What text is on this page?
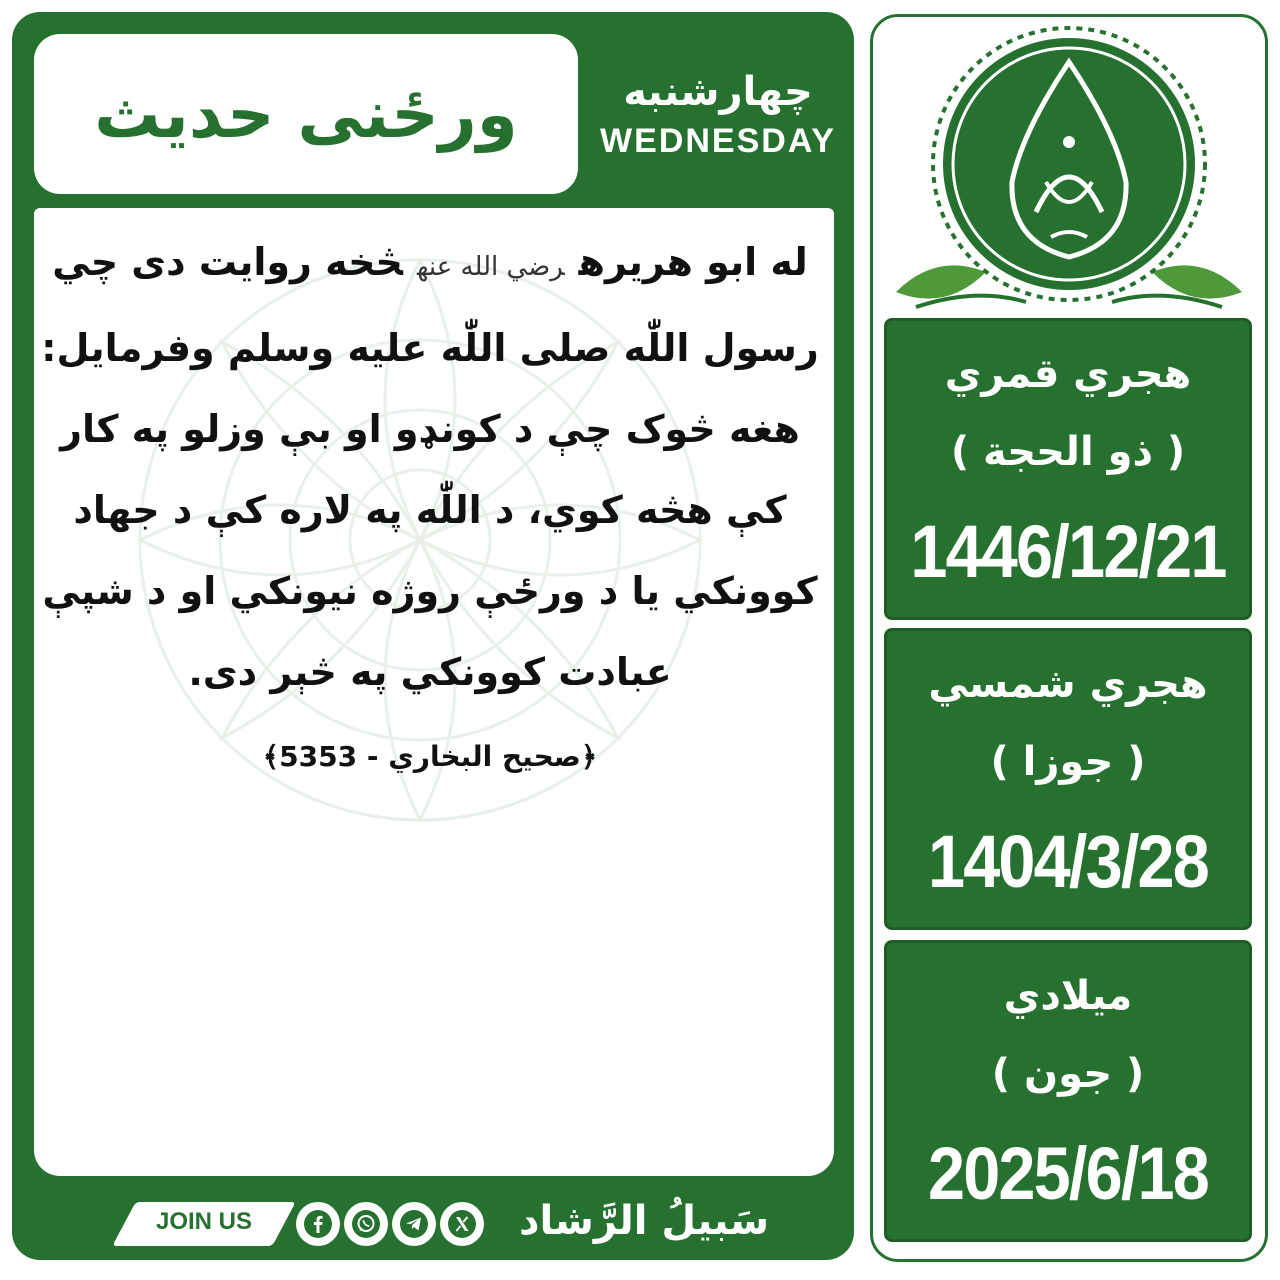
ورځنی حدیث	چهارشنبه
WEDNESDAY
JOIN US	سَبيلُ الرَّشاد
له ابو هريرهرضي الله عنهڅخه روايت دی چي
رسول اللّٰه صلی اللّٰه عليه وسلم وفرمايل:
هغه څوک چې د کونډو او بې وزلو په کار
کې هڅه کوي، د اللّٰه په لاره کې د جهاد
کوونکي يا د ورځې روژه نيونکي او د شپې
عبادت کوونکي په څېر دی.
﴿صحيح البخاري - 5353﴾
هجري قمري
( ذو الحجة )
1446/12/21
هجري شمسي
( جوزا )
1404/3/28
ميلادي
( جون )
2025/6/18
